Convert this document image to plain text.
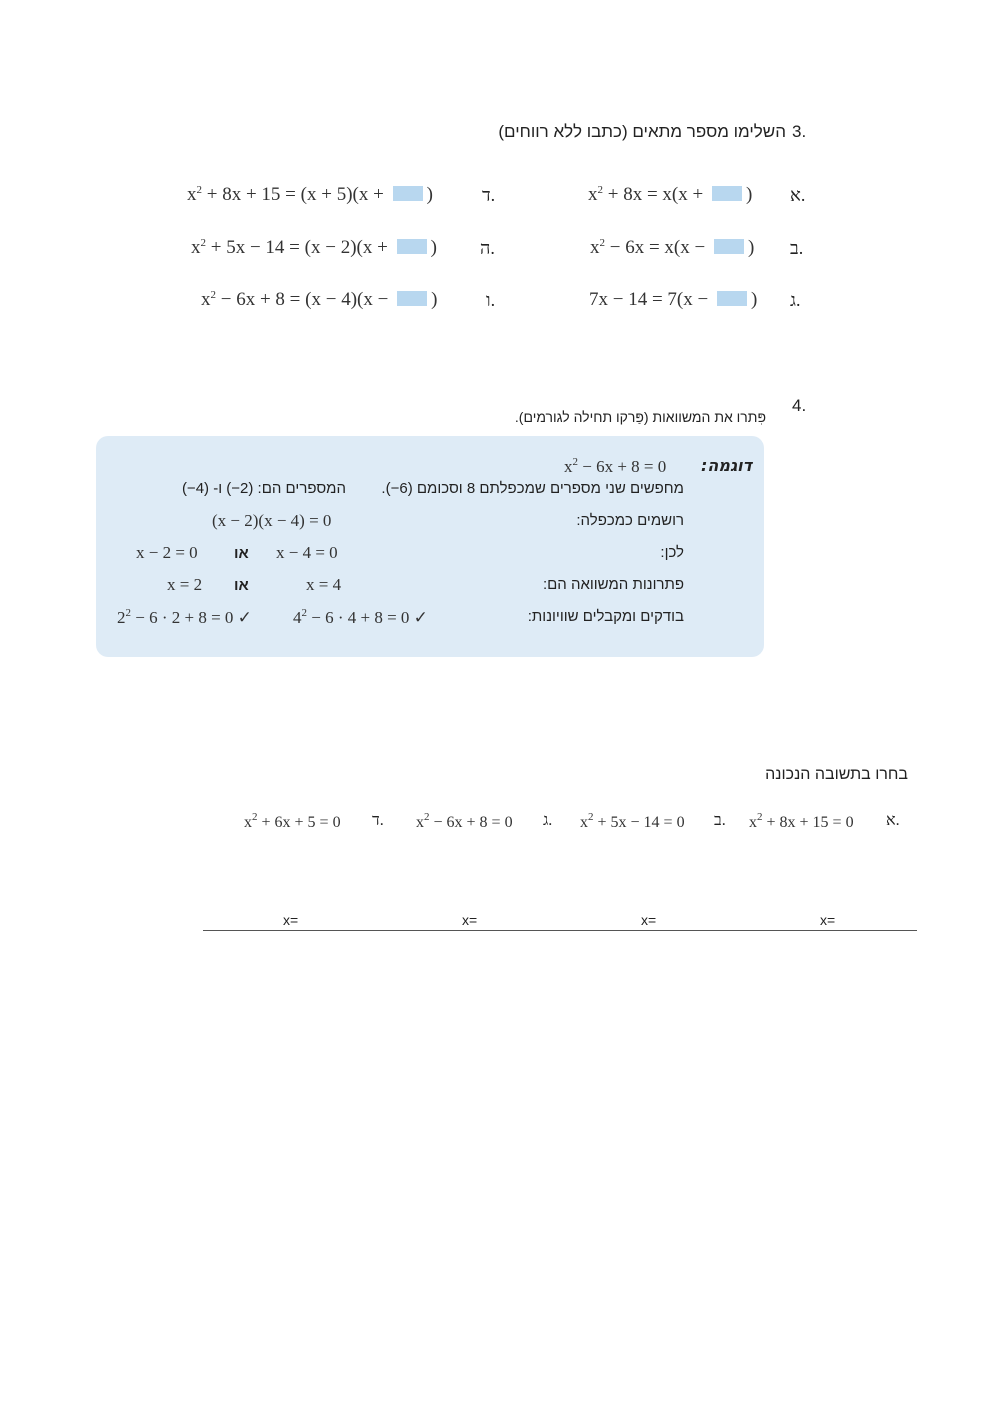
3.
השלימו מספר מתאים (כתבו ללא רווחים)
א.
$x^2 + 8x = x(x$ + )
ב.
$x^2 - 6x = x(x$ − )
ג.
7x − 14 = 7(x − )
ד.
$x^2 + 8x + 15 = (x + 5)(x$ + )
ה.
$x^2 + 5x - 14 = (x - 2)(x$ + )
ו.
$x^2 - 6x + 8 = (x - 4)(x$ − )
4.
פִּתרו את המשוואות (פַּרקו תחילה לגורמים).
דוגמה:
$x^2 - 6x + 8 = 0$
מחפשים שני מספרים שמכפלתם 8 וסכומם (6−).
המספרים הם: (2−) ו- (4−)
רושמים כמכפלה:
(x − 2)(x − 4) = 0
לכן:
x − 4 = 0
או
x − 2 = 0
פתרונות המשוואה הם:
x = 4
או
x = 2
בודקים ומקבלים שוויונות:
$4^2 - 6 \cdot 4 + 8 = 0$ ✓
$2^2 - 6 \cdot 2 + 8 = 0$ ✓
בחרו בתשובה הנכונה
א.
$x^2 + 8x + 15 = 0$
ב.
$x^2 + 5x - 14 = 0$
ג.
$x^2 - 6x + 8 = 0$
ד.
$x^2 + 6x + 5 = 0$
x=
x=
x=
x=
